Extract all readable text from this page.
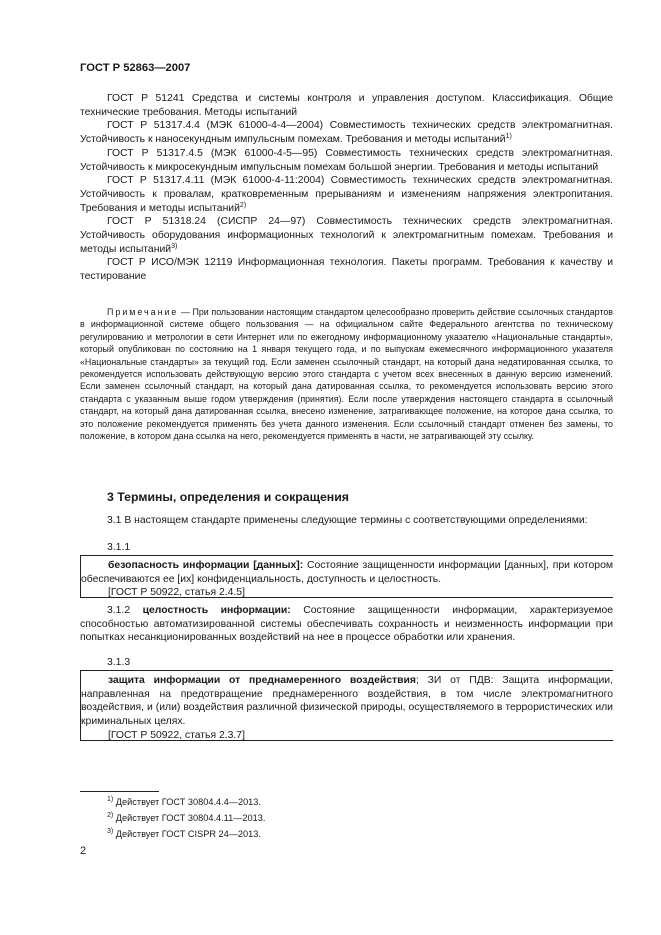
ГОСТ Р 52863—2007

ГОСТ Р 51241 Средства и системы контроля и управления доступом. Классификация. Общие технические требования. Методы испытаний

ГОСТ Р 51317.4.4 (МЭК 61000-4-4—2004) Совместимость технических средств электромагнитная. Устойчивость к наносекундным импульсным помехам. Требования и методы испытаний$^{1)}$

ГОСТ Р 51317.4.5 (МЭК 61000-4-5—95) Совместимость технических средств электромагнитная. Устойчивость к микросекундным импульсным помехам большой энергии. Требования и методы испытаний

ГОСТ Р 51317.4.11 (МЭК 61000-4-11:2004) Совместимость технических средств электромагнитная. Устойчивость к провалам, кратковременным прерываниям и изменениям напряжения электропитания. Требования и методы испытаний$^{2)}$

ГОСТ Р 51318.24 (СИСПР 24—97) Совместимость технических средств электромагнитная. Устойчивость оборудования информационных технологий к электромагнитным помехам. Требования и методы испытаний$^{3)}$

ГОСТ Р ИСО/МЭК 12119 Информационная технология. Пакеты программ. Требования к качеству и тестирование

Примечание — При пользовании настоящим стандартом целесообразно проверить действие ссылочных стандартов в информационной системе общего пользования — на официальном сайте Федерального агентства по техническому регулированию и метрологии в сети Интернет или по ежегодному информационному указателю «Национальные стандарты», который опубликован по состоянию на 1 января текущего года, и по выпускам ежемесячного информационного указателя «Национальные стандарты» за текущий год. Если заменен ссылочный стандарт, на который дана недатированная ссылка, то рекомендуется использовать действующую версию этого стандарта с учетом всех внесенных в данную версию изменений. Если заменен ссылочный стандарт, на который дана датированная ссылка, то рекомендуется использовать версию этого стандарта с указанным выше годом утверждения (принятия). Если после утверждения настоящего стандарта в ссылочный стандарт, на который дана датированная ссылка, внесено изменение, затрагивающее положение, на которое дана ссылка, то это положение рекомендуется применять без учета данного изменения. Если ссылочный стандарт отменен без замены, то положение, в котором дана ссылка на него, рекомендуется применять в части, не затрагивающей эту ссылку.

3 Термины, определения и сокращения

3.1 В настоящем стандарте применены следующие термины с соответствующими определениями:

3.1.1

безопасность информации [данных]: Состояние защищенности информации [данных], при котором обеспечиваются ее [их] конфиденциальность, доступность и целостность.

[ГОСТ Р 50922, статья 2.4.5]

3.1.2 целостность информации: Состояние защищенности информации, характеризуемое способностью автоматизированной системы обеспечивать сохранность и неизменность информации при попытках несанкционированных воздействий на нее в процессе обработки или хранения.

3.1.3

защита информации от преднамеренного воздействия; ЗИ от ПДВ: Защита информации, направленная на предотвращение преднамеренного воздействия, в том числе электромагнитного воздействия, и (или) воздействия различной физической природы, осуществляемого в террористических или криминальных целях.

[ГОСТ Р 50922, статья 2.3.7]

$^{1)}$ Действует ГОСТ 30804.4.4—2013.
$^{2)}$ Действует ГОСТ 30804.4.11—2013.
$^{3)}$ Действует ГОСТ CISPR 24—2013.
2
